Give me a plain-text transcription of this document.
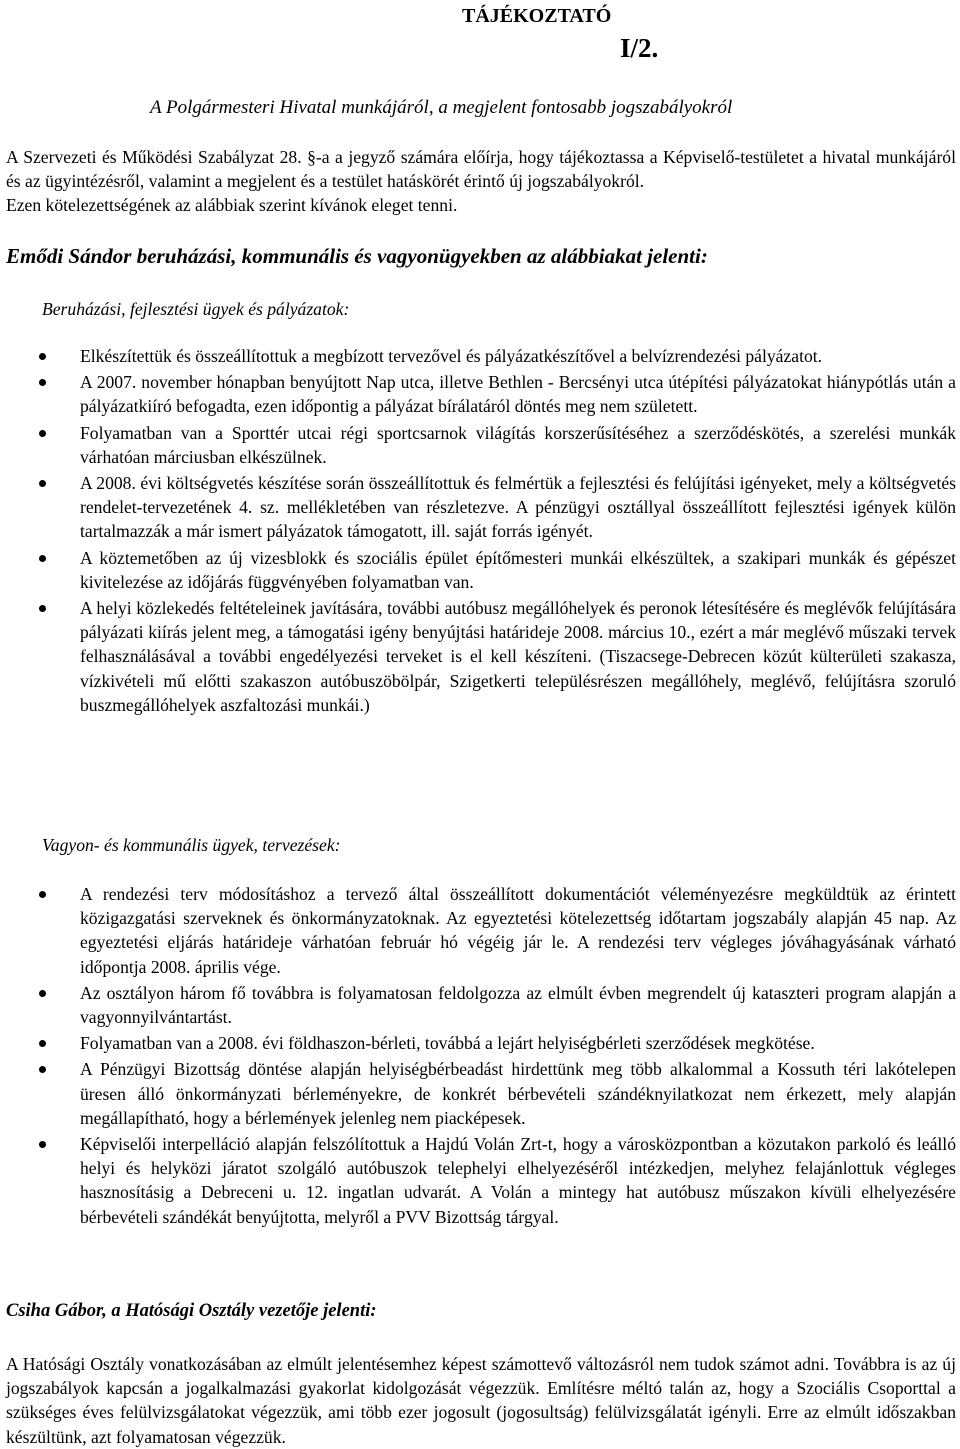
TÁJÉKOZTATÓ
I/2.
A Polgármesteri Hivatal munkájáról, a megjelent fontosabb jogszabályokról

A Szervezeti és Működési Szabályzat 28. §-a a jegyző számára előírja, hogy tájékoztassa a Képviselő-testületet a hivatal munkájáról és az ügyintézésről, valamint a megjelent és a testület hatáskörét érintő új jogszabályokról.

Ezen kötelezettségének az alábbiak szerint kívánok eleget tenni.

Emődi Sándor beruházási, kommunális és vagyonügyekben az alábbiakat jelenti:
Beruházási, fejlesztési ügyek és pályázatok:
Elkészítettük és összeállítottuk a megbízott tervezővel és pályázatkészítővel a belvízrendezési pályázatot.
A 2007. november hónapban benyújtott Nap utca, illetve Bethlen - Bercsényi utca útépítési pályázatokat hiánypótlás után a pályázatkiíró befogadta, ezen időpontig a pályázat bírálatáról döntés meg nem született.
Folyamatban van a Sporttér utcai régi sportcsarnok világítás korszerűsítéséhez a szerződéskötés, a szerelési munkák várhatóan márciusban elkészülnek.
A 2008. évi költségvetés készítése során összeállítottuk és felmértük a fejlesztési és felújítási igényeket, mely a költségvetés rendelet-tervezetének 4. sz. mellékletében van részletezve. A pénzügyi osztállyal összeállított fejlesztési igények külön tartalmazzák a már ismert pályázatok támogatott, ill. saját forrás igényét.
A köztemetőben az új vizesblokk és szociális épület építőmesteri munkái elkészültek, a szakipari munkák és gépészet kivitelezése az időjárás függvényében folyamatban van.
A helyi közlekedés feltételeinek javítására, további autóbusz megállóhelyek és peronok létesítésére és meglévők felújítására pályázati kiírás jelent meg, a támogatási igény benyújtási határideje 2008. március 10., ezért a már meglévő műszaki tervek felhasználásával a további engedélyezési terveket is el kell készíteni. (Tiszacsege-Debrecen közút külterületi szakasza, vízkivételi mű előtti szakaszon autóbuszöbölpár, Szigetkerti településrészen megállóhely, meglévő, felújításra szoruló buszmegállóhelyek aszfaltozási munkái.)
Vagyon- és kommunális ügyek, tervezések:
A rendezési terv módosításhoz a tervező által összeállított dokumentációt véleményezésre megküldtük az érintett közigazgatási szerveknek és önkormányzatoknak. Az egyeztetési kötelezettség időtartam jogszabály alapján 45 nap. Az egyeztetési eljárás határideje várhatóan február hó végéig jár le. A rendezési terv végleges jóváhagyásának várható időpontja 2008. április vége.
Az osztályon három fő továbbra is folyamatosan feldolgozza az elmúlt évben megrendelt új kataszteri program alapján a vagyonnyilvántartást.
Folyamatban van a 2008. évi földhaszon-bérleti, továbbá a lejárt helyiségbérleti szerződések megkötése.
A Pénzügyi Bizottság döntése alapján helyiségbérbeadást hirdettünk meg több alkalommal a Kossuth téri lakótelepen üresen álló önkormányzati bérleményekre, de konkrét bérbevételi szándéknyilatkozat nem érkezett, mely alapján megállapítható, hogy a bérlemények jelenleg nem piacképesek.
Képviselői interpelláció alapján felszólítottuk a Hajdú Volán Zrt-t, hogy a városközpontban a közutakon parkoló és leálló helyi és helyközi járatot szolgáló autóbuszok telephelyi elhelyezéséről intézkedjen, melyhez felajánlottuk végleges hasznosításig a Debreceni u. 12. ingatlan udvarát. A Volán a mintegy hat autóbusz műszakon kívüli elhelyezésére bérbevételi szándékát benyújtotta, melyről a PVV Bizottság tárgyal.
Csiha Gábor, a Hatósági Osztály vezetője jelenti:

A Hatósági Osztály vonatkozásában az elmúlt jelentésemhez képest számottevő változásról nem tudok számot adni. Továbbra is az új jogszabályok kapcsán a jogalkalmazási gyakorlat kidolgozását végezzük. Említésre méltó talán az, hogy a Szociális Csoporttal a szükséges éves felülvizsgálatokat végezzük, ami több ezer jogosult (jogosultság) felülvizsgálatát igényli. Erre az elmúlt időszakban készültünk, azt folyamatosan végezzük.
